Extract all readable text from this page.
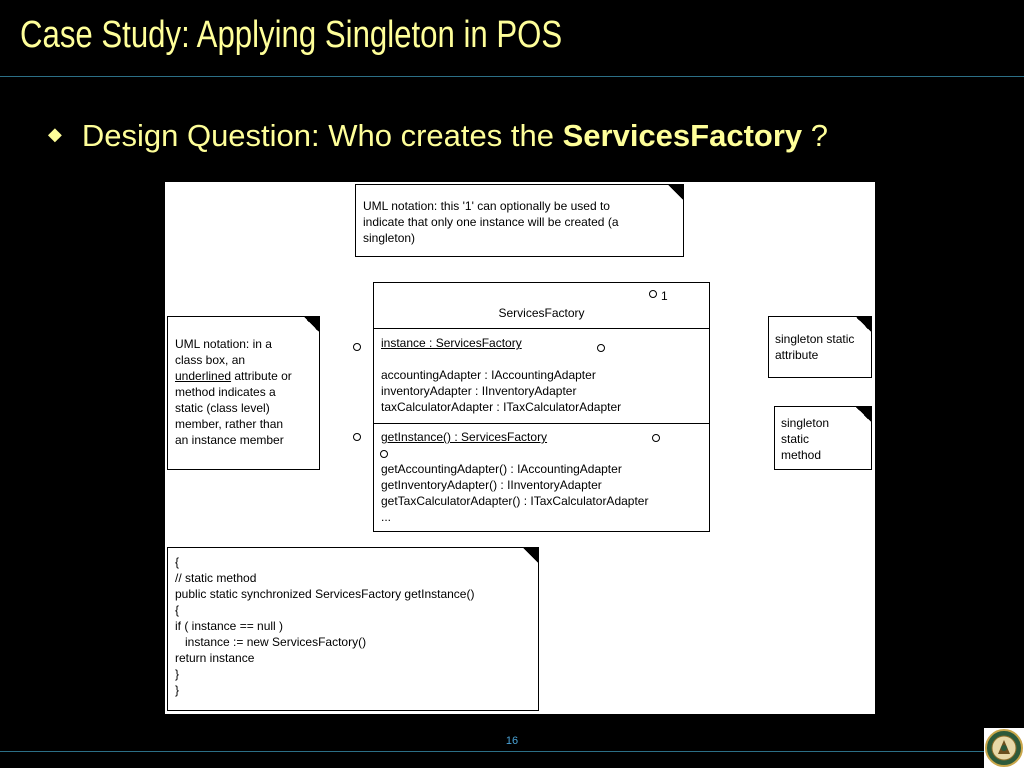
Case Study: Applying Singleton in POS
◆ Design Question: Who creates the ServicesFactory ?
UML notation: this '1' can optionally be used to
indicate that only one instance will be created (a
singleton)
UML notation: in a
class box, an
underlined attribute or
method indicates a
static (class level)
member, rather than
an instance member
1
ServicesFactory
instance : ServicesFactory
accountingAdapter : IAccountingAdapter
inventoryAdapter : IInventoryAdapter
taxCalculatorAdapter : ITaxCalculatorAdapter
getInstance() : ServicesFactory
getAccountingAdapter() : IAccountingAdapter
getInventoryAdapter() : IInventoryAdapter
getTaxCalculatorAdapter() : ITaxCalculatorAdapter
...
singleton static
attribute
singleton
static
method
{
// static method
public static synchronized ServicesFactory getInstance()
{
if ( instance == null )
instance := new ServicesFactory()
return instance
}
}
16
